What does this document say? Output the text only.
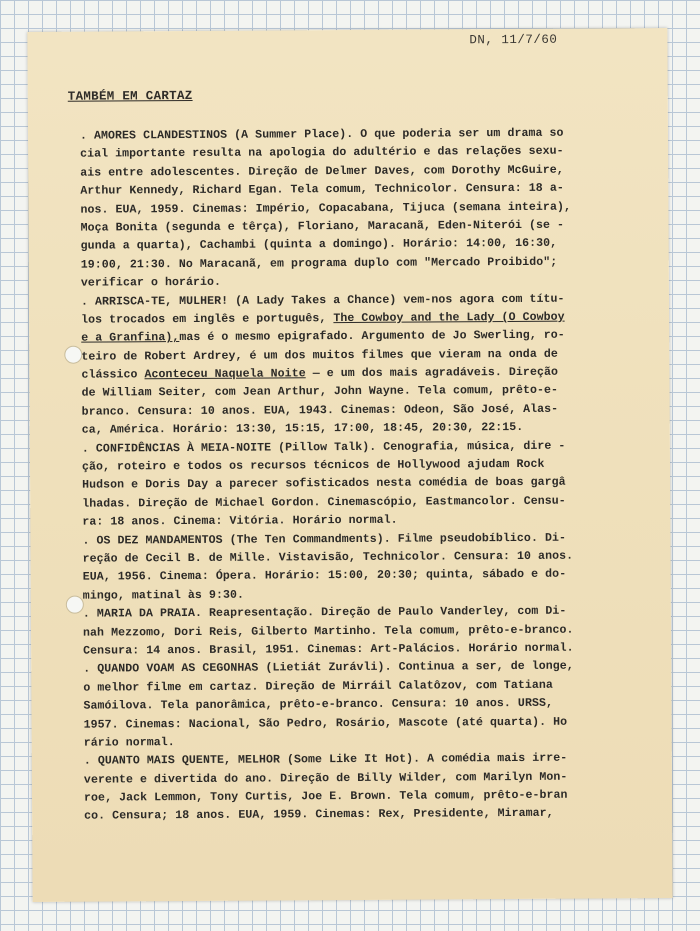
DN, 11/7/60
TAMBÉM EM CARTAZ
. AMORES CLANDESTINOS (A Summer Place). O que poderia ser um drama so
cial importante resulta na apologia do adultério e das relações sexu-
ais entre adolescentes. Direção de Delmer Daves, com Dorothy McGuire,
Arthur Kennedy, Richard Egan. Tela comum, Technicolor. Censura: 18 a-
nos. EUA, 1959. Cinemas: Império, Copacabana, Tijuca (semana inteira),
Moça Bonita (segunda e têrça), Floriano, Maracanã, Eden-Niterói (se -
gunda a quarta), Cachambi (quinta a domingo). Horário: 14:00, 16:30,
19:00, 21:30. No Maracanã, em programa duplo com "Mercado Proibido";
verificar o horário.
. ARRISCA-TE, MULHER! (A Lady Takes a Chance) vem-nos agora com títu-
los trocados em inglês e português, The Cowboy and the Lady (O Cowboy
e a Granfina),mas é o mesmo epigrafado. Argumento de Jo Swerling, ro-
teiro de Robert Ardrey, é um dos muitos filmes que vieram na onda de
clássico Aconteceu Naquela Noite — e um dos mais agradáveis. Direção
de William Seiter, com Jean Arthur, John Wayne. Tela comum, prêto-e-
branco. Censura: 10 anos. EUA, 1943. Cinemas: Odeon, São José, Alas-
ca, América. Horário: 13:30, 15:15, 17:00, 18:45, 20:30, 22:15.
. CONFIDÊNCIAS À MEIA-NOITE (Pillow Talk). Cenografia, música, dire -
ção, roteiro e todos os recursos técnicos de Hollywood ajudam Rock
Hudson e Doris Day a parecer sofisticados nesta comédia de boas gargâ
lhadas. Direção de Michael Gordon. Cinemascópio, Eastmancolor. Censu-
ra: 18 anos. Cinema: Vitória. Horário normal.
. OS DEZ MANDAMENTOS (The Ten Commandments). Filme pseudobíblico. Di-
reção de Cecil B. de Mille. Vistavisão, Technicolor. Censura: 10 anos.
EUA, 1956. Cinema: Ópera. Horário: 15:00, 20:30; quinta, sábado e do-
mingo, matinal às 9:30.
. MARIA DA PRAIA. Reapresentação. Direção de Paulo Vanderley, com Di-
nah Mezzomo, Dori Reis, Gilberto Martinho. Tela comum, prêto-e-branco.
Censura: 14 anos. Brasil, 1951. Cinemas: Art-Palácios. Horário normal.
. QUANDO VOAM AS CEGONHAS (Lietiát Zurávli). Continua a ser, de longe,
o melhor filme em cartaz. Direção de Mirráil Calatôzov, com Tatiana
Samóilova. Tela panorâmica, prêto-e-branco. Censura: 10 anos. URSS,
1957. Cinemas: Nacional, São Pedro, Rosário, Mascote (até quarta). Ho
rário normal.
. QUANTO MAIS QUENTE, MELHOR (Some Like It Hot). A comédia mais irre-
verente e divertida do ano. Direção de Billy Wilder, com Marilyn Mon-
roe, Jack Lemmon, Tony Curtis, Joe E. Brown. Tela comum, prêto-e-bran
co. Censura; 18 anos. EUA, 1959. Cinemas: Rex, Presidente, Miramar,
